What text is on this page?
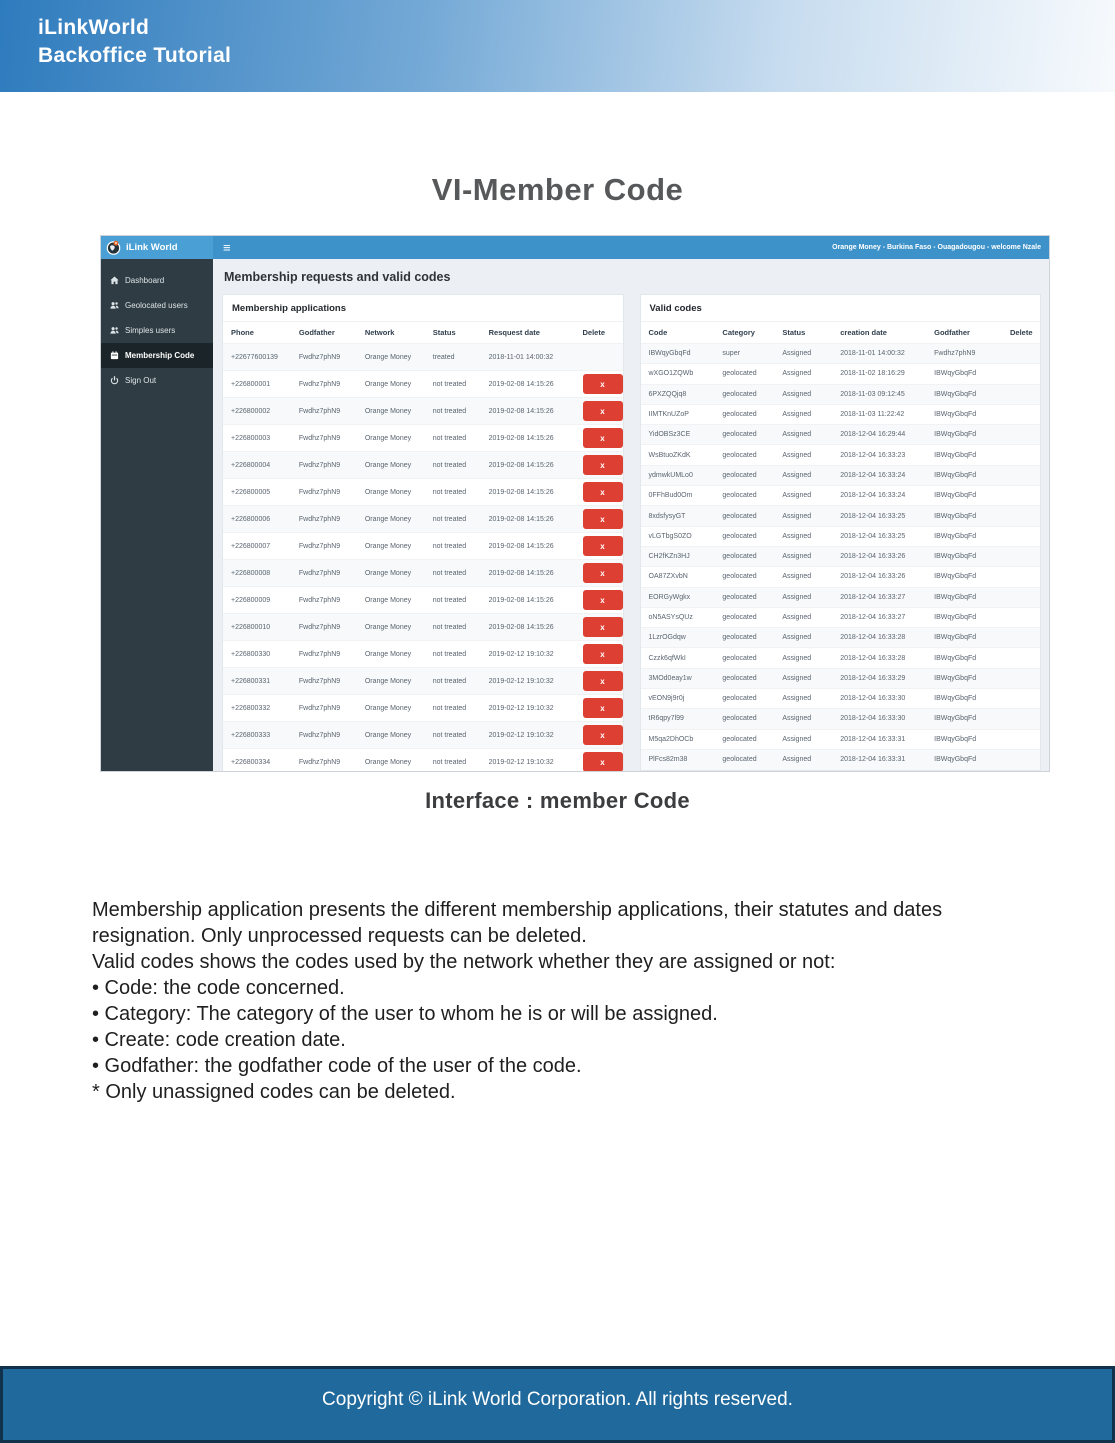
iLinkWorld
Backoffice Tutorial
VI-Member Code
iLink World ≡	Orange Money - Burkina Faso - Ouagadougou - welcome Nzale
Dashboard
Geolocated users
Simples users
Membership Code
Sign Out
Membership requests and valid codes
Membership applications
Phone	Godfather	Network	Status	Resquest date	Delete
+22677600139	Fwdhz7phN9	Orange Money	treated	2018-11-01 14:00:32	
+226800001	Fwdhz7phN9	Orange Money	not treated	2019-02-08 14:15:26	x

+226800002	Fwdhz7phN9	Orange Money	not treated	2019-02-08 14:15:26	x

+226800003	Fwdhz7phN9	Orange Money	not treated	2019-02-08 14:15:26	x

+226800004	Fwdhz7phN9	Orange Money	not treated	2019-02-08 14:15:26	x

+226800005	Fwdhz7phN9	Orange Money	not treated	2019-02-08 14:15:26	x

+226800006	Fwdhz7phN9	Orange Money	not treated	2019-02-08 14:15:26	x

+226800007	Fwdhz7phN9	Orange Money	not treated	2019-02-08 14:15:26	x

+226800008	Fwdhz7phN9	Orange Money	not treated	2019-02-08 14:15:26	x

+226800009	Fwdhz7phN9	Orange Money	not treated	2019-02-08 14:15:26	x

+226800010	Fwdhz7phN9	Orange Money	not treated	2019-02-08 14:15:26	x

+226800330	Fwdhz7phN9	Orange Money	not treated	2019-02-12 19:10:32	x

+226800331	Fwdhz7phN9	Orange Money	not treated	2019-02-12 19:10:32	x

+226800332	Fwdhz7phN9	Orange Money	not treated	2019-02-12 19:10:32	x

+226800333	Fwdhz7phN9	Orange Money	not treated	2019-02-12 19:10:32	x

+226800334	Fwdhz7phN9	Orange Money	not treated	2019-02-12 19:10:32	x
Valid codes
Code	Category	Status	creation date	Godfather	Delete
IBWqyGbqFd	super	Assigned	2018-11-01 14:00:32	Fwdhz7phN9	
wXGO1ZQWb	geolocated	Assigned	2018-11-02 18:16:29	IBWqyGbqFd	
6PXZQQjq8	geolocated	Assigned	2018-11-03 09:12:45	IBWqyGbqFd	
IIMTKnUZoP	geolocated	Assigned	2018-11-03 11:22:42	IBWqyGbqFd	
YidOBSz3CE	geolocated	Assigned	2018-12-04 16:29:44	IBWqyGbqFd	
WsBtuoZKdK	geolocated	Assigned	2018-12-04 16:33:23	IBWqyGbqFd	
ydmwkUMLo0	geolocated	Assigned	2018-12-04 16:33:24	IBWqyGbqFd	
0FFhBud0Om	geolocated	Assigned	2018-12-04 16:33:24	IBWqyGbqFd	
8xdsfysyGT	geolocated	Assigned	2018-12-04 16:33:25	IBWqyGbqFd	
vLGTbgS0ZO	geolocated	Assigned	2018-12-04 16:33:25	IBWqyGbqFd	
CH2fKZn3HJ	geolocated	Assigned	2018-12-04 16:33:26	IBWqyGbqFd	
OA87ZXvbN	geolocated	Assigned	2018-12-04 16:33:26	IBWqyGbqFd	
EORGyWgkx	geolocated	Assigned	2018-12-04 16:33:27	IBWqyGbqFd	
oN5ASYsQUz	geolocated	Assigned	2018-12-04 16:33:27	IBWqyGbqFd	
1LzrOGdqw	geolocated	Assigned	2018-12-04 16:33:28	IBWqyGbqFd	
Czzk6qfWkI	geolocated	Assigned	2018-12-04 16:33:28	IBWqyGbqFd	
3MOd0eay1w	geolocated	Assigned	2018-12-04 16:33:29	IBWqyGbqFd	
vEON9j9r0j	geolocated	Assigned	2018-12-04 16:33:30	IBWqyGbqFd	
tR6qpy7l99	geolocated	Assigned	2018-12-04 16:33:30	IBWqyGbqFd	
M5qa2DhOCb	geolocated	Assigned	2018-12-04 16:33:31	IBWqyGbqFd	
PlFcs82m38	geolocated	Assigned	2018-12-04 16:33:31	IBWqyGbqFd	
Interface : member Code
Membership application presents the different membership applications, their statutes and dates resignation. Only unprocessed requests can be deleted.
Valid codes shows the codes used by the network whether they are assigned or not:
• Code: the code concerned.
• Category: The category of the user to whom he is or will be assigned.
• Create: code creation date.
• Godfather: the godfather code of the user of the code.
* Only unassigned codes can be deleted.
Copyright © iLink World Corporation. All rights reserved.
